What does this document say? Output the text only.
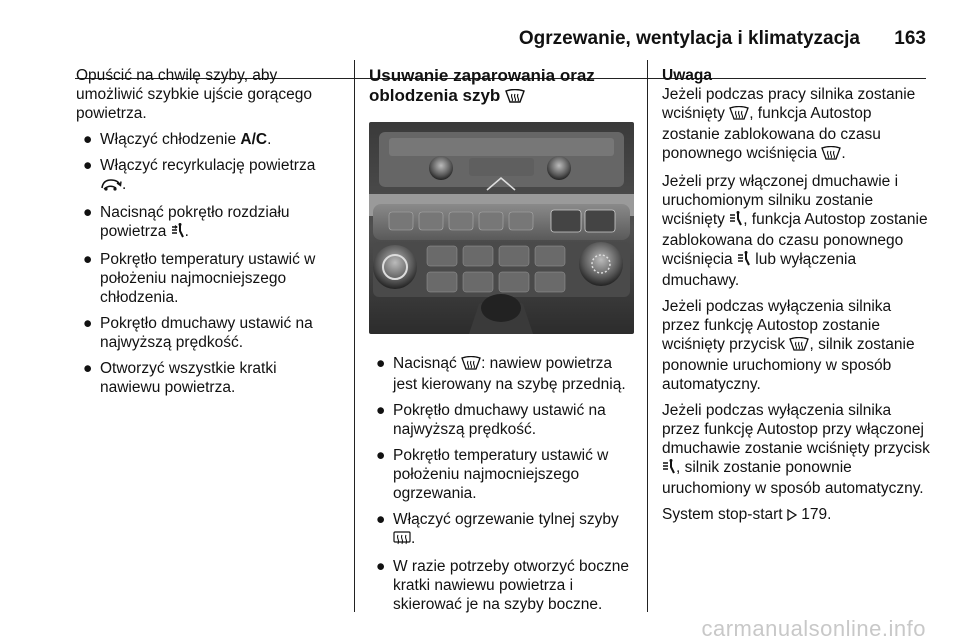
Ogrzewanie, wentylacja i klimatyzacja 163

Opuścić na chwilę szyby, aby umożliwić szybkie ujście gorącego powietrza.

● Włączyć chłodzenie A/C.
● Włączyć recyrkulację powietrza .
● Nacisnąć pokrętło rozdziału powietrza .
● Pokrętło temperatury ustawić w położeniu najmocniejszego chłodzenia.
● Pokrętło dmuchawy ustawić na najwyższą prędkość.
● Otworzyć wszystkie kratki nawiewu powietrza.
Usuwanie zaparowania oraz oblodzenia szyb
● Nacisnąć : nawiew powietrza jest kierowany na szybę przednią.
● Pokrętło dmuchawy ustawić na najwyższą prędkość.
● Pokrętło temperatury ustawić w położeniu najmocniejszego ogrzewania.
● Włączyć ogrzewanie tylnej szyby .
● W razie potrzeby otworzyć boczne kratki nawiewu powietrza i skierować je na szyby boczne.
Uwaga

Jeżeli podczas pracy silnika zostanie wciśnięty , funkcja Autostop zostanie zablokowana do czasu ponownego wciśnięcia .

Jeżeli przy włączonej dmuchawie i uruchomionym silniku zostanie wciśnięty , funkcja Autostop zostanie zablokowana do czasu ponownego wciśnięcia  lub wyłączenia dmuchawy.

Jeżeli podczas wyłączenia silnika przez funkcję Autostop zostanie wciśnięty przycisk , silnik zostanie ponownie uruchomiony w sposób automatyczny.

Jeżeli podczas wyłączenia silnika przez funkcję Autostop przy włączonej dmuchawie zostanie wciśnięty przycisk , silnik zostanie ponownie uruchomiony w sposób automatyczny.

System stop-start  179.

carmanualsonline.info
